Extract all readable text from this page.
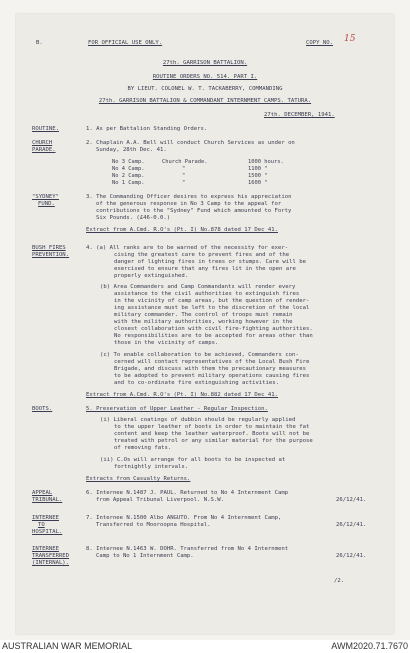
B.	FOR OFFICIAL USE ONLY.	COPY NO. 15
27th. GARRISON BATTALION.
ROUTINE ORDERS NO. 514. PART I.
BY LIEUT. COLONEL W. T. TACKABERRY, COMMANDING
27th. GARRISON BATTALION & COMMANDANT INTERNMENT CAMPS. TATURA.
27th. DECEMBER, 1941.
ROUTINE.	1. As per Battalion Standing Orders.
CHURCH
PARADE.
2. Chaplain A.A. Bell will conduct Church Services as under on
Sunday, 28th Dec. 41.
No 3 Camp.	Church Parade.	1000 hours.
No 4 Camp.	"	1100 "
No 2 Camp.	"	1500 "
No 1 Camp.	"	1600 "
"SYDNEY"
FUND.
3. The Commanding Officer desires to express his appreciation
of the generous response in No 3 Camp to the appeal for
contributions to the "Sydney" Fund which amounted to Forty
Six Pounds. (£46-0.0.)
Extract from A.Cmd. R.O's (Pt. I) No.878 dated 17 Dec 41.
BUSH FIRES
PREVENTION.
4. (a) All ranks are to be warned of the necessity for exer-
cising the greatest care to prevent fires and of the
danger of lighting fires in trees or stumps. Care will be
exercised to ensure that any fires lit in the open are
properly extinguished.
(b) Area Commanders and Camp Commandants will render every
assistance to the civil authorities to extinguish fires
in the vicinity of camp areas, but the question of render-
ing assistance must be left to the discretion of the local
military commander. The control of troops must remain
with the military authorities, working however in the
closest collaboration with civil fire-fighting authorities.
No responsibilities are to be accepted for areas other than
those in the vicinity of camps.
(c) To enable collaboration to be achieved, Commanders con-
cerned will contact representatives of the Local Bush Fire
Brigade, and discuss with them the precautionary measures
to be adopted to prevent military operations causing fires
and to co-ordinate fire extinguishing activities.
Extract from A.Cmd. R.O's (Pt. I) No.882 dated 17 Dec 41.
BOOTS.	5. Preservation of Upper Leather - Regular Inspection.
(i) Liberal coatings of dubbin should be regularly applied
to the upper leather of boots in order to maintain the fat
content and keep the leather waterproof. Boots will not be
treated with petrol or any similar material for the purpose
of removing fats.
(ii) C.Os will arrange for all boots to be inspected at
fortnightly intervals.
Extracts from Casualty Returns.
APPEAL
TRIBUNAL.
6. Internee N.1487 J. PAUL. Returned to No 4 Internment Camp
from Appeal Tribunal Liverpool. N.S.W.	26/12/41.
INTERNEE
TO
HOSPITAL.
7. Internee N.1500 Albo ANGUTO. From No 4 Internment Camp,
Transferred to Mooroopna Hospital.	26/12/41.
INTERNEE
TRANSFERRED
(INTERNAL).
8. Internee N.1463 W. DOHR. Transferred from No 4 Internment
Camp to No 1 Internment Camp.	26/12/41.
/2.
AUSTRALIAN WAR MEMORIAL	AWM2020.71.7670
